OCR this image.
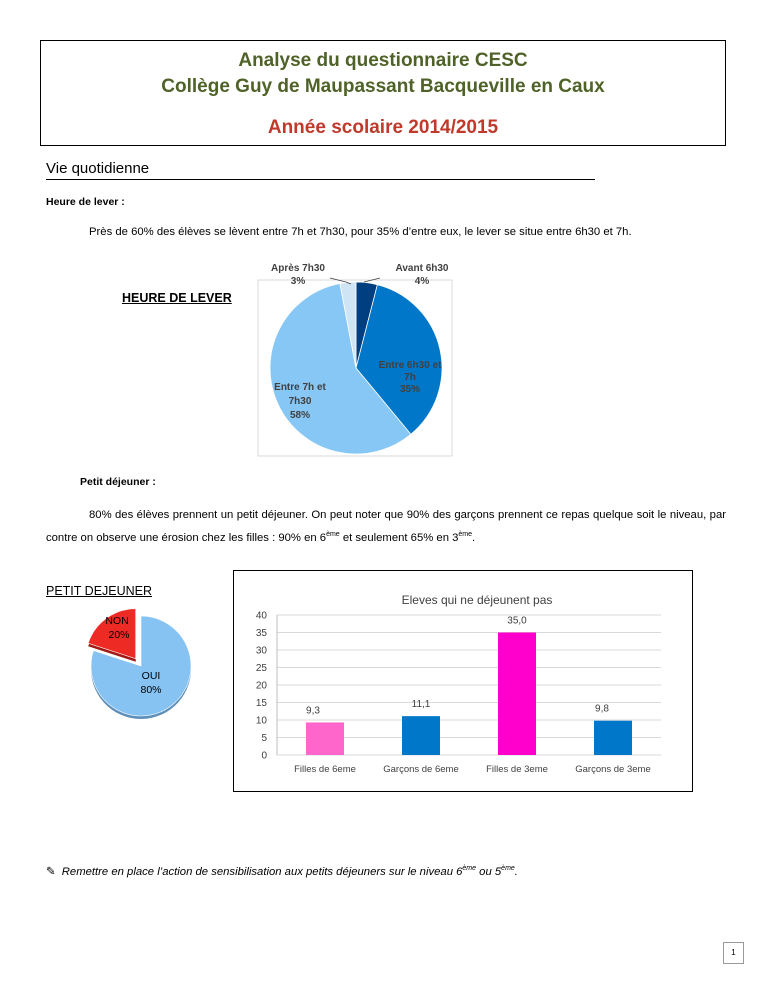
Analyse du questionnaire CESC
Collège Guy de Maupassant Bacqueville en Caux
Année scolaire 2014/2015
Vie quotidienne
Heure de lever :
Près de 60% des élèves se lèvent entre 7h et 7h30, pour 35% d’entre eux, le lever se situe entre 6h30 et 7h.
HEURE DE LEVER
Après 7h30
3%
Avant 6h30
4%
Entre 6h30 et
7h
35%
Entre 7h et
7h30
58%
Petit déjeuner :
80% des élèves prennent un petit déjeuner. On peut noter que 90% des garçons prennent ce repas quelque soit le niveau, par contre on observe une érosion chez les filles : 90% en 6ème et seulement 65% en 3ème.
PETIT DEJEUNER
NON
20%
OUI
80%
Eleves qui ne déjeunent pas
0
5
10
15
20
25
30
35
40
9,3
Filles de 6eme
11,1
Garçons de 6eme
35,0
Filles de 3eme
9,8
Garçons de 3eme
✎ Remettre en place l’action de sensibilisation aux petits déjeuners sur le niveau 6ème ou 5ème.
1
